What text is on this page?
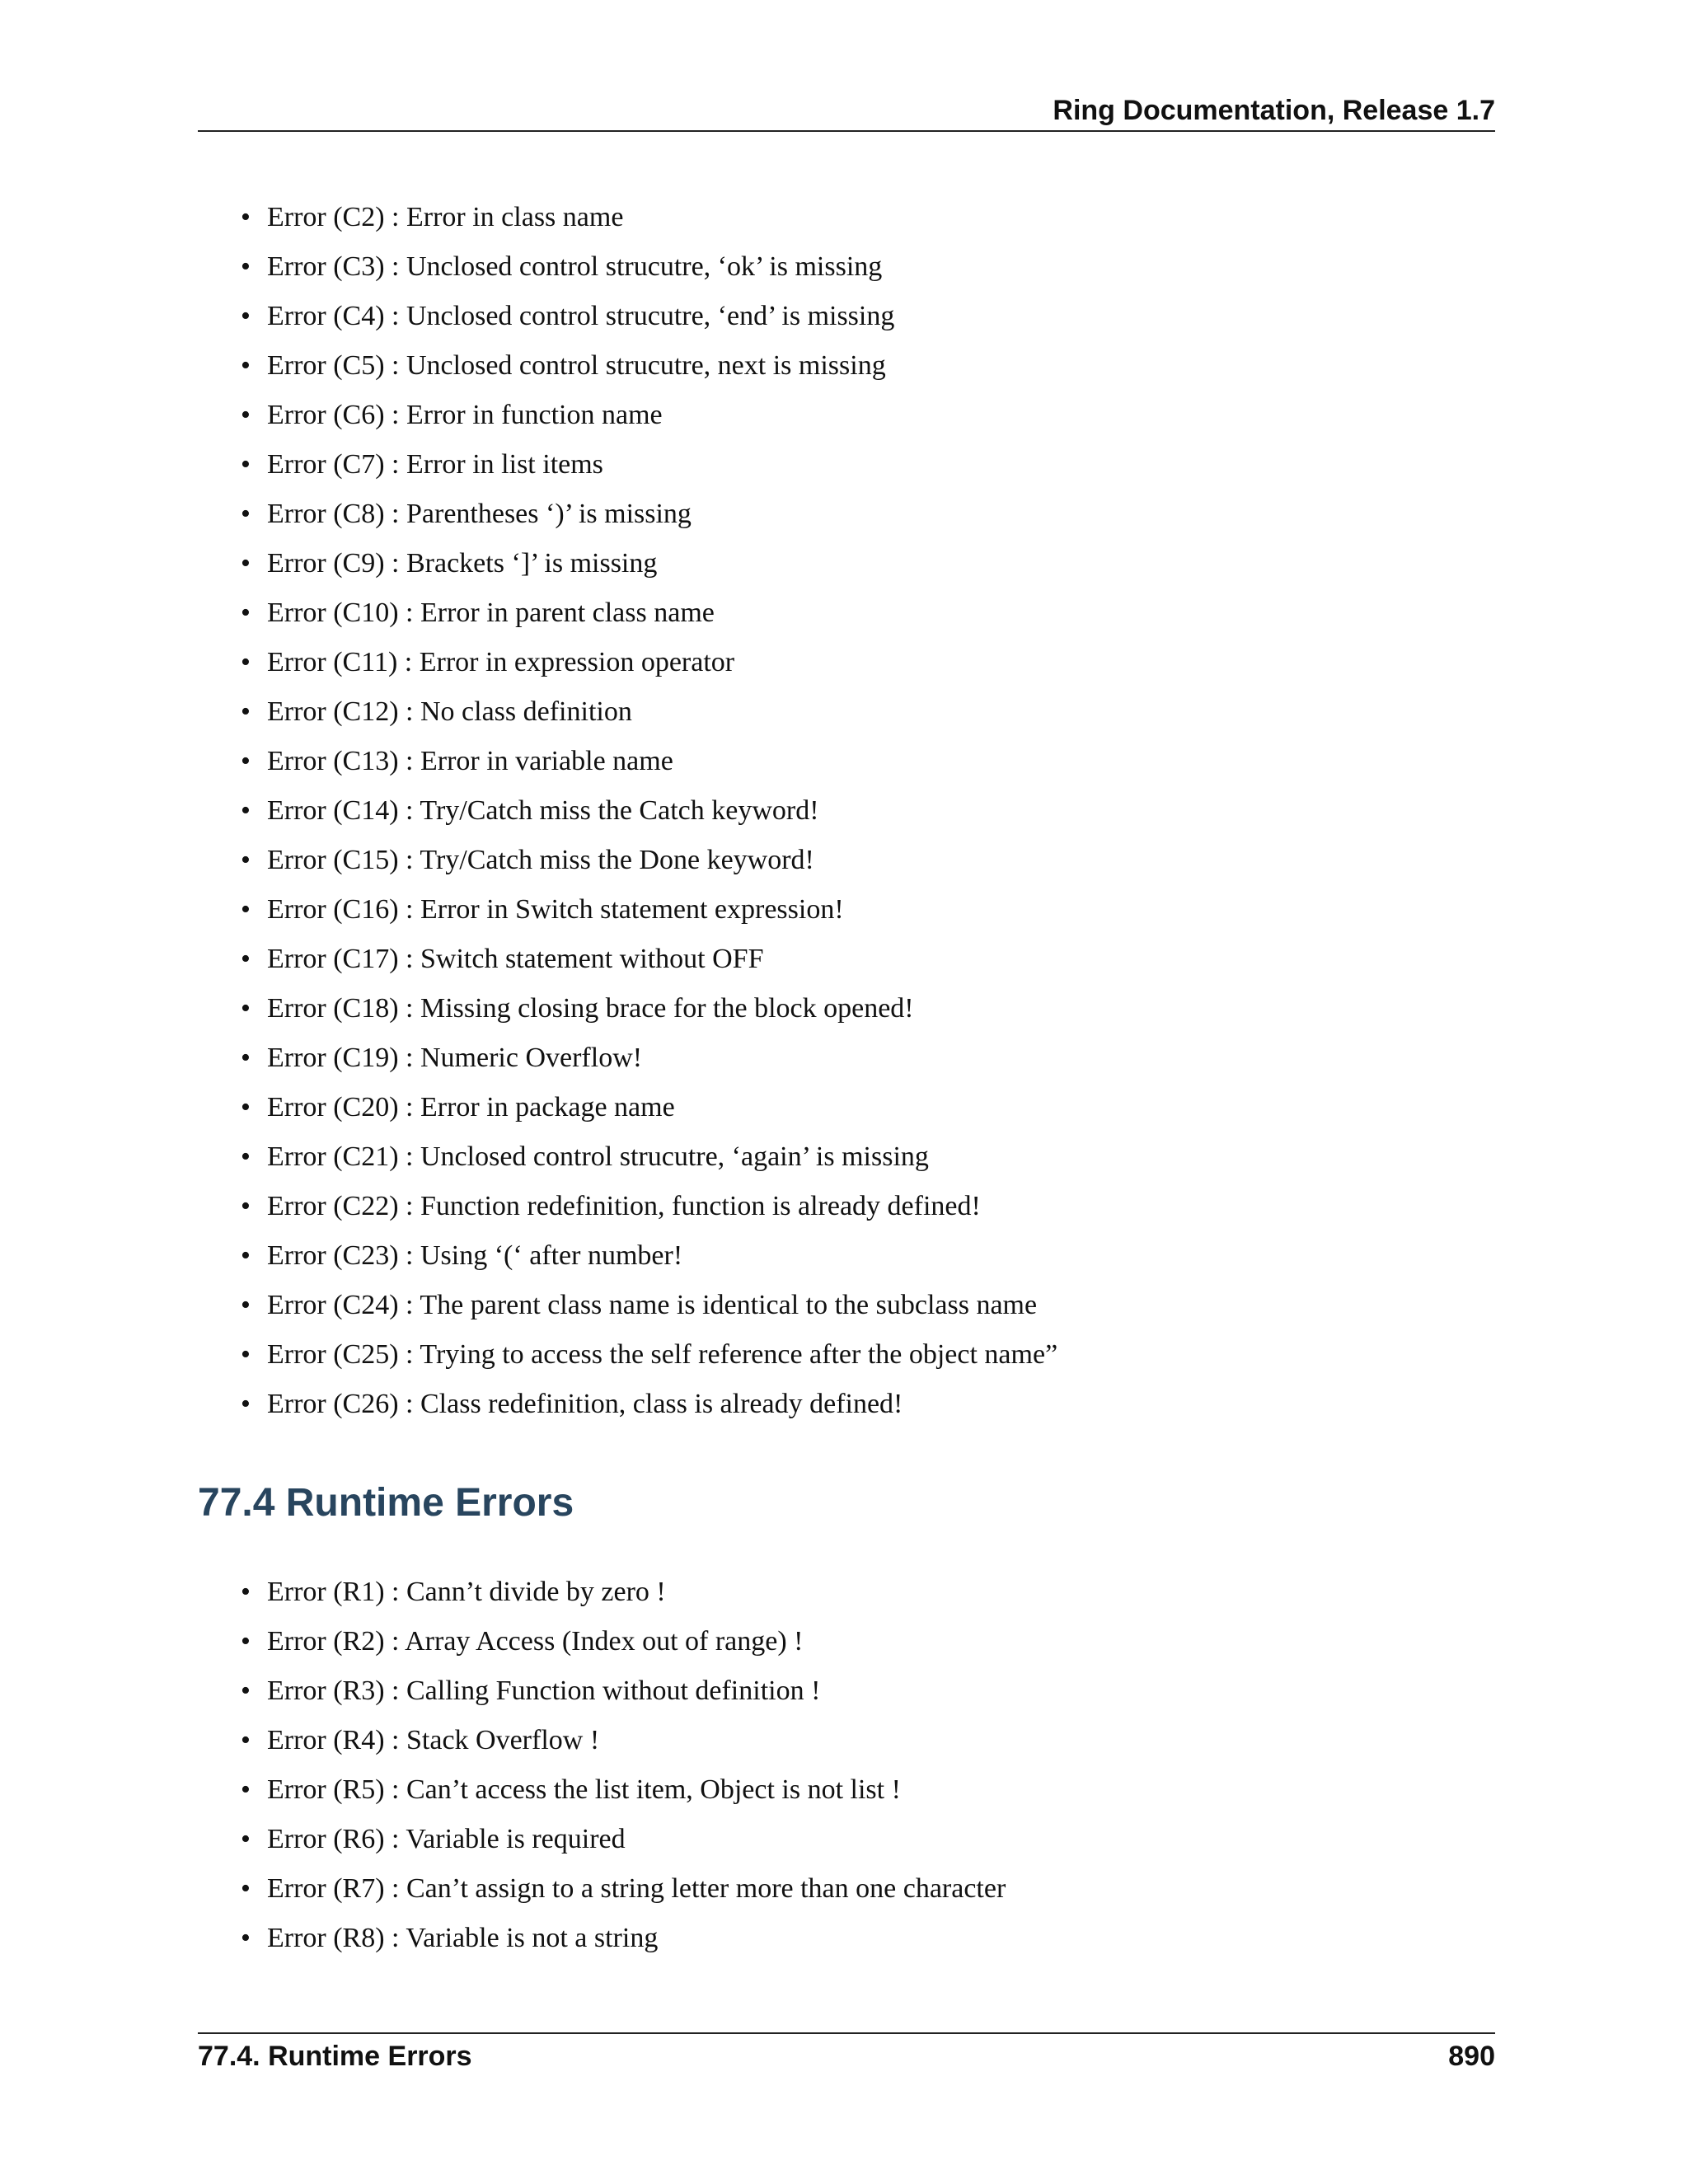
Ring Documentation, Release 1.7
• Error (C2) : Error in class name
• Error (C3) : Unclosed control strucutre, ‘ok’ is missing
• Error (C4) : Unclosed control strucutre, ‘end’ is missing
• Error (C5) : Unclosed control strucutre, next is missing
• Error (C6) : Error in function name
• Error (C7) : Error in list items
• Error (C8) : Parentheses ‘)’ is missing
• Error (C9) : Brackets ‘]’ is missing
• Error (C10) : Error in parent class name
• Error (C11) : Error in expression operator
• Error (C12) : No class definition
• Error (C13) : Error in variable name
• Error (C14) : Try/Catch miss the Catch keyword!
• Error (C15) : Try/Catch miss the Done keyword!
• Error (C16) : Error in Switch statement expression!
• Error (C17) : Switch statement without OFF
• Error (C18) : Missing closing brace for the block opened!
• Error (C19) : Numeric Overflow!
• Error (C20) : Error in package name
• Error (C21) : Unclosed control strucutre, ‘again’ is missing
• Error (C22) : Function redefinition, function is already defined!
• Error (C23) : Using ‘(‘ after number!
• Error (C24) : The parent class name is identical to the subclass name
• Error (C25) : Trying to access the self reference after the object name”
• Error (C26) : Class redefinition, class is already defined!
77.4 Runtime Errors
• Error (R1) : Cann’t divide by zero !
• Error (R2) : Array Access (Index out of range) !
• Error (R3) : Calling Function without definition !
• Error (R4) : Stack Overflow !
• Error (R5) : Can’t access the list item, Object is not list !
• Error (R6) : Variable is required
• Error (R7) : Can’t assign to a string letter more than one character
• Error (R8) : Variable is not a string
77.4. Runtime Errors	890
